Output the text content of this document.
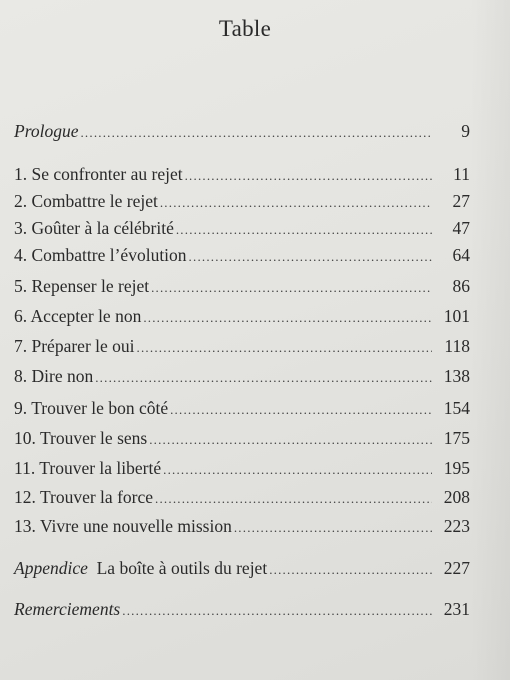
Table
Prologue .....	9
1. Se confronter au rejet .....	11
2. Combattre le rejet .....	27
3. Goûter à la célébrité .....	47
4. Combattre l’évolution .....	64
5. Repenser le rejet .....	86
6. Accepter le non .....	101
7. Préparer le oui .....	118
8. Dire non .....	138
9. Trouver le bon côté .....	154
10. Trouver le sens .....	175
11. Trouver la liberté .....	195
12. Trouver la force .....	208
13. Vivre une nouvelle mission .....	223
Appendice La boîte à outils du rejet .....	227
Remerciements .....	231
